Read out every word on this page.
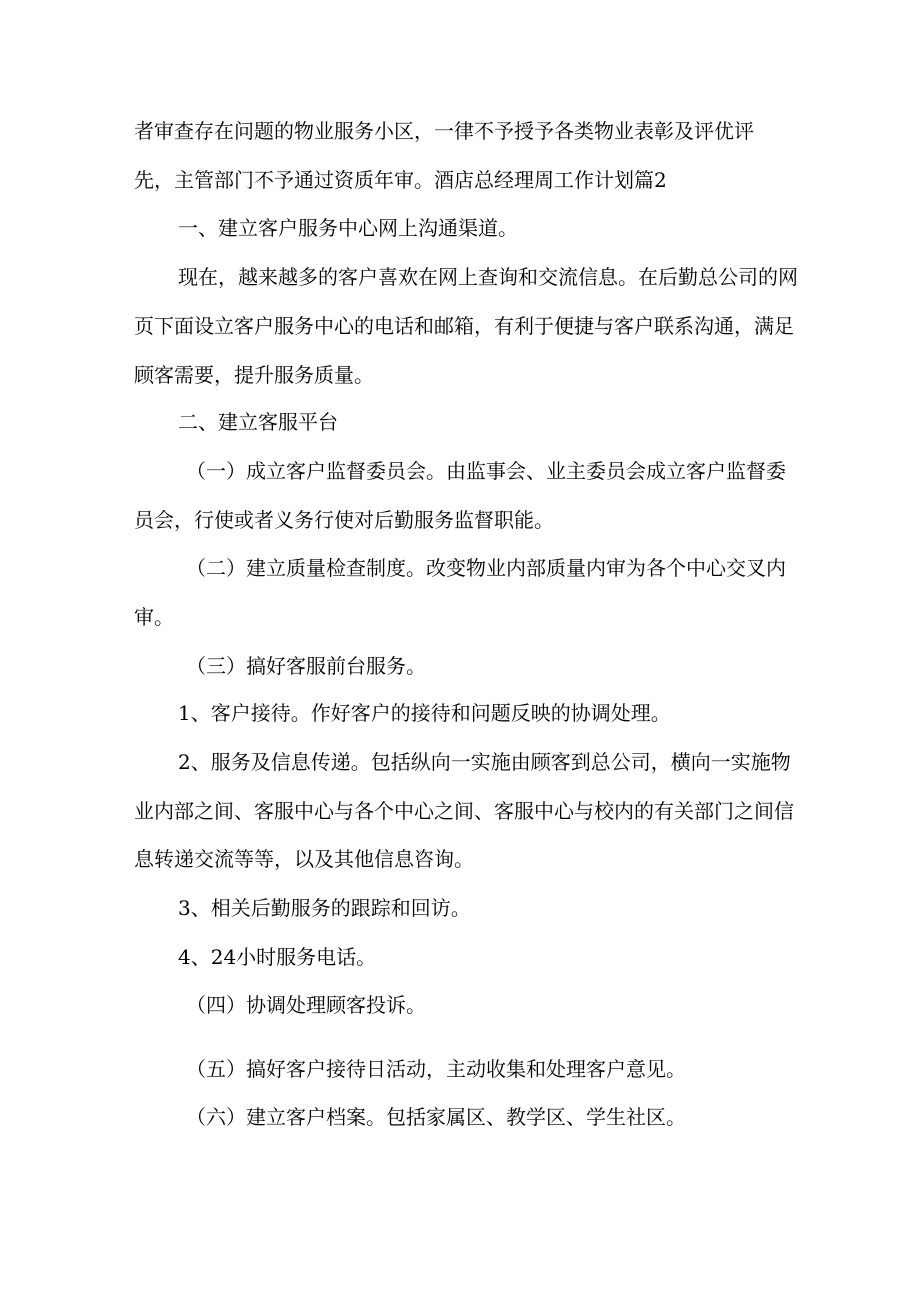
者审查存在问题的物业服务小区，一律不予授予各类物业表彰及评优评

先，主管部门不予通过资质年审。酒店总经理周工作计划篇2

一、建立客户服务中心网上沟通渠道。

现在，越来越多的客户喜欢在网上查询和交流信息。在后勤总公司的网

页下面设立客户服务中心的电话和邮箱，有利于便捷与客户联系沟通，满足

顾客需要，提升服务质量。

二、建立客服平台

（一）成立客户监督委员会。由监事会、业主委员会成立客户监督委

员会，行使或者义务行使对后勤服务监督职能。

（二）建立质量检查制度。改变物业内部质量内审为各个中心交叉内

审。

（三）搞好客服前台服务。

1、客户接待。作好客户的接待和问题反映的协调处理。

2、服务及信息传递。包括纵向一实施由顾客到总公司，横向一实施物

业内部之间、客服中心与各个中心之间、客服中心与校内的有关部门之间信

息转递交流等等，以及其他信息咨询。

3、相关后勤服务的跟踪和回访。

4、24小时服务电话。

（四）协调处理顾客投诉。

（五）搞好客户接待日活动，主动收集和处理客户意见。

（六）建立客户档案。包括家属区、教学区、学生社区。
